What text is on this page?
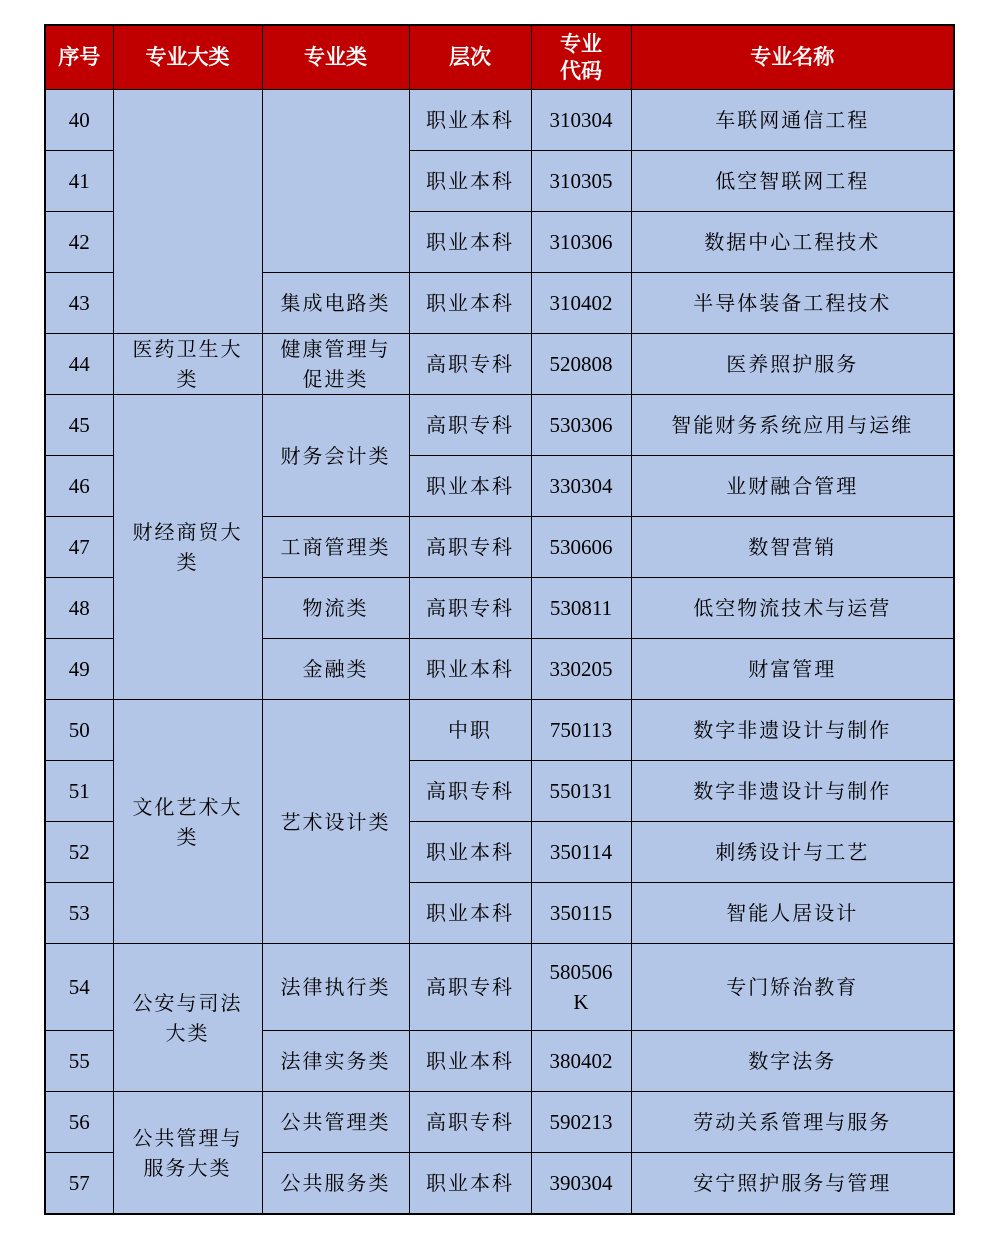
序号	专业大类	专业类	层次	专业代码	专业名称
40			职业本科	310304	车联网通信工程
41			职业本科	310305	低空智联网工程
42			职业本科	310306	数据中心工程技术
43		集成电路类	职业本科	310402	半导体装备工程技术
44	医药卫生大类	健康管理与促进类	高职专科	520808	医养照护服务
45	财经商贸大类	财务会计类	高职专科	530306	智能财务系统应用与运维
46			职业本科	330304	业财融合管理
47		工商管理类	高职专科	530606	数智营销
48		物流类	高职专科	530811	低空物流技术与运营
49		金融类	职业本科	330205	财富管理
50	文化艺术大类	艺术设计类	中职	750113	数字非遗设计与制作
51			高职专科	550131	数字非遗设计与制作
52			职业本科	350114	刺绣设计与工艺
53			职业本科	350115	智能人居设计
54	公安与司法大类	法律执行类	高职专科	580506K	专门矫治教育
55		法律实务类	职业本科	380402	数字法务
56	公共管理与服务大类	公共管理类	高职专科	590213	劳动关系管理与服务
57		公共服务类	职业本科	390304	安宁照护服务与管理
